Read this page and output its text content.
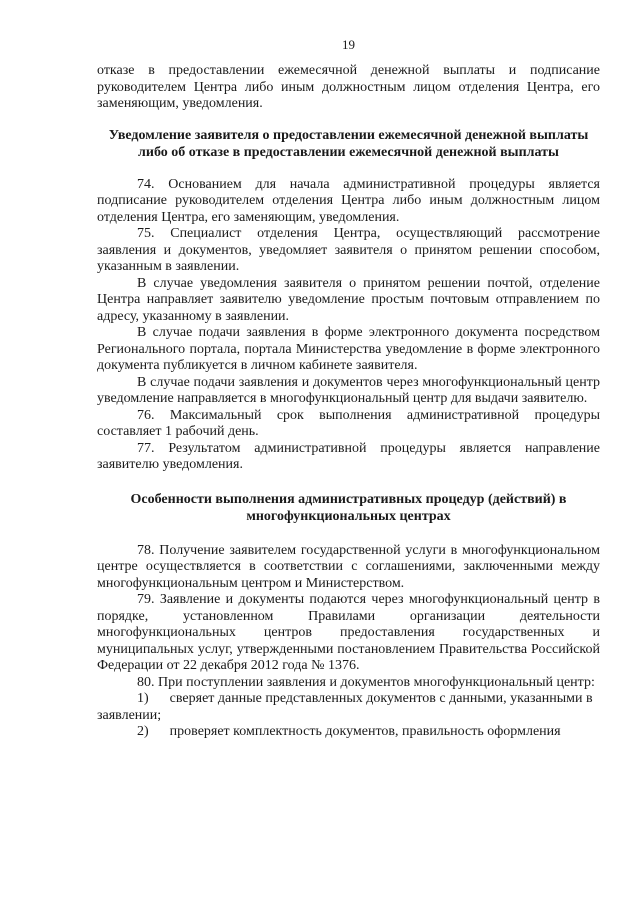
19

отказе в предоставлении ежемесячной денежной выплаты и подписание руководителем Центра либо иным должностным лицом отделения Центра, его заменяющим, уведомления.

Уведомление заявителя о предоставлении ежемесячной денежной выплаты либо об отказе в предоставлении ежемесячной денежной выплаты

74. Основанием для начала административной процедуры является подписание руководителем отделения Центра либо иным должностным лицом отделения Центра, его заменяющим, уведомления.

75. Специалист отделения Центра, осуществляющий рассмотрение заявления и документов, уведомляет заявителя о принятом решении способом, указанным в заявлении.

В случае уведомления заявителя о принятом решении почтой, отделение Центра направляет заявителю уведомление простым почтовым отправлением по адресу, указанному в заявлении.

В случае подачи заявления в форме электронного документа посредством Регионального портала, портала Министерства уведомление в форме электронного документа публикуется в личном кабинете заявителя.

В случае подачи заявления и документов через многофункциональный центр уведомление направляется в многофункциональный центр для выдачи заявителю.

76. Максимальный срок выполнения административной процедуры составляет 1 рабочий день.

77. Результатом административной процедуры является направление заявителю уведомления.

Особенности выполнения административных процедур (действий) в многофункциональных центрах

78. Получение заявителем государственной услуги в многофункциональном центре осуществляется в соответствии с соглашениями, заключенными между многофункциональным центром и Министерством.

79. Заявление и документы подаются через многофункциональный центр в порядке, установленном Правилами организации деятельности многофункциональных центров предоставления государственных и муниципальных услуг, утвержденными постановлением Правительства Российской Федерации от 22 декабря 2012 года № 1376.

80. При поступлении заявления и документов многофункциональный центр:

1) сверяет данные представленных документов с данными, указанными в заявлении;
2) проверяет комплектность документов, правильность оформления
